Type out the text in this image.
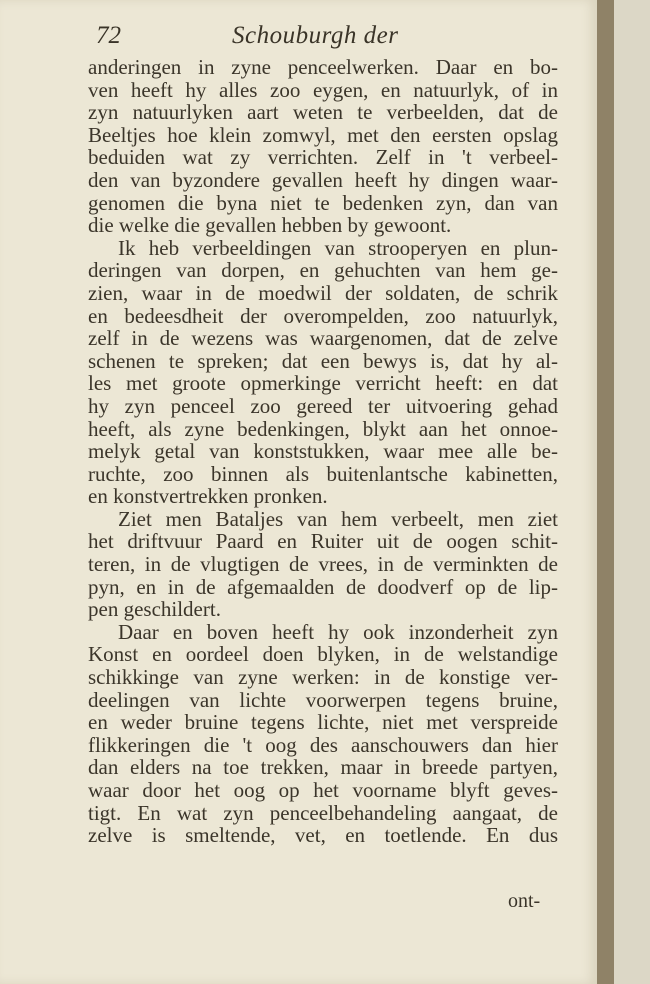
72	Schouburgh der
anderingen in zyne penceelwerken. Daar en bo-
ven heeft hy alles zoo eygen, en natuurlyk, of in
zyn natuurlyken aart weten te verbeelden, dat de
Beeltjes hoe klein zomwyl, met den eersten opslag
beduiden wat zy verrichten. Zelf in 't verbeel-
den van byzondere gevallen heeft hy dingen waar-
genomen die byna niet te bedenken zyn, dan van
die welke die gevallen hebben by gewoont.
Ik heb verbeeldingen van strooperyen en plun-
deringen van dorpen, en gehuchten van hem ge-
zien, waar in de moedwil der soldaten, de schrik
en bedeesdheit der overompelden, zoo natuurlyk,
zelf in de wezens was waargenomen, dat de zelve
schenen te spreken; dat een bewys is, dat hy al-
les met groote opmerkinge verricht heeft: en dat
hy zyn penceel zoo gereed ter uitvoering gehad
heeft, als zyne bedenkingen, blykt aan het onnoe-
melyk getal van konststukken, waar mee alle be-
ruchte, zoo binnen als buitenlantsche kabinetten,
en konstvertrekken pronken.
Ziet men Bataljes van hem verbeelt, men ziet
het driftvuur Paard en Ruiter uit de oogen schit-
teren, in de vlugtigen de vrees, in de verminkten de
pyn, en in de afgemaalden de doodverf op de lip-
pen geschildert.
Daar en boven heeft hy ook inzonderheit zyn
Konst en oordeel doen blyken, in de welstandige
schikkinge van zyne werken: in de konstige ver-
deelingen van lichte voorwerpen tegens bruine,
en weder bruine tegens lichte, niet met verspreide
flikkeringen die 't oog des aanschouwers dan hier
dan elders na toe trekken, maar in breede partyen,
waar door het oog op het voorname blyft geves-
tigt. En wat zyn penceelbehandeling aangaat, de
zelve is smeltende, vet, en toetlende. En dus
ont-
